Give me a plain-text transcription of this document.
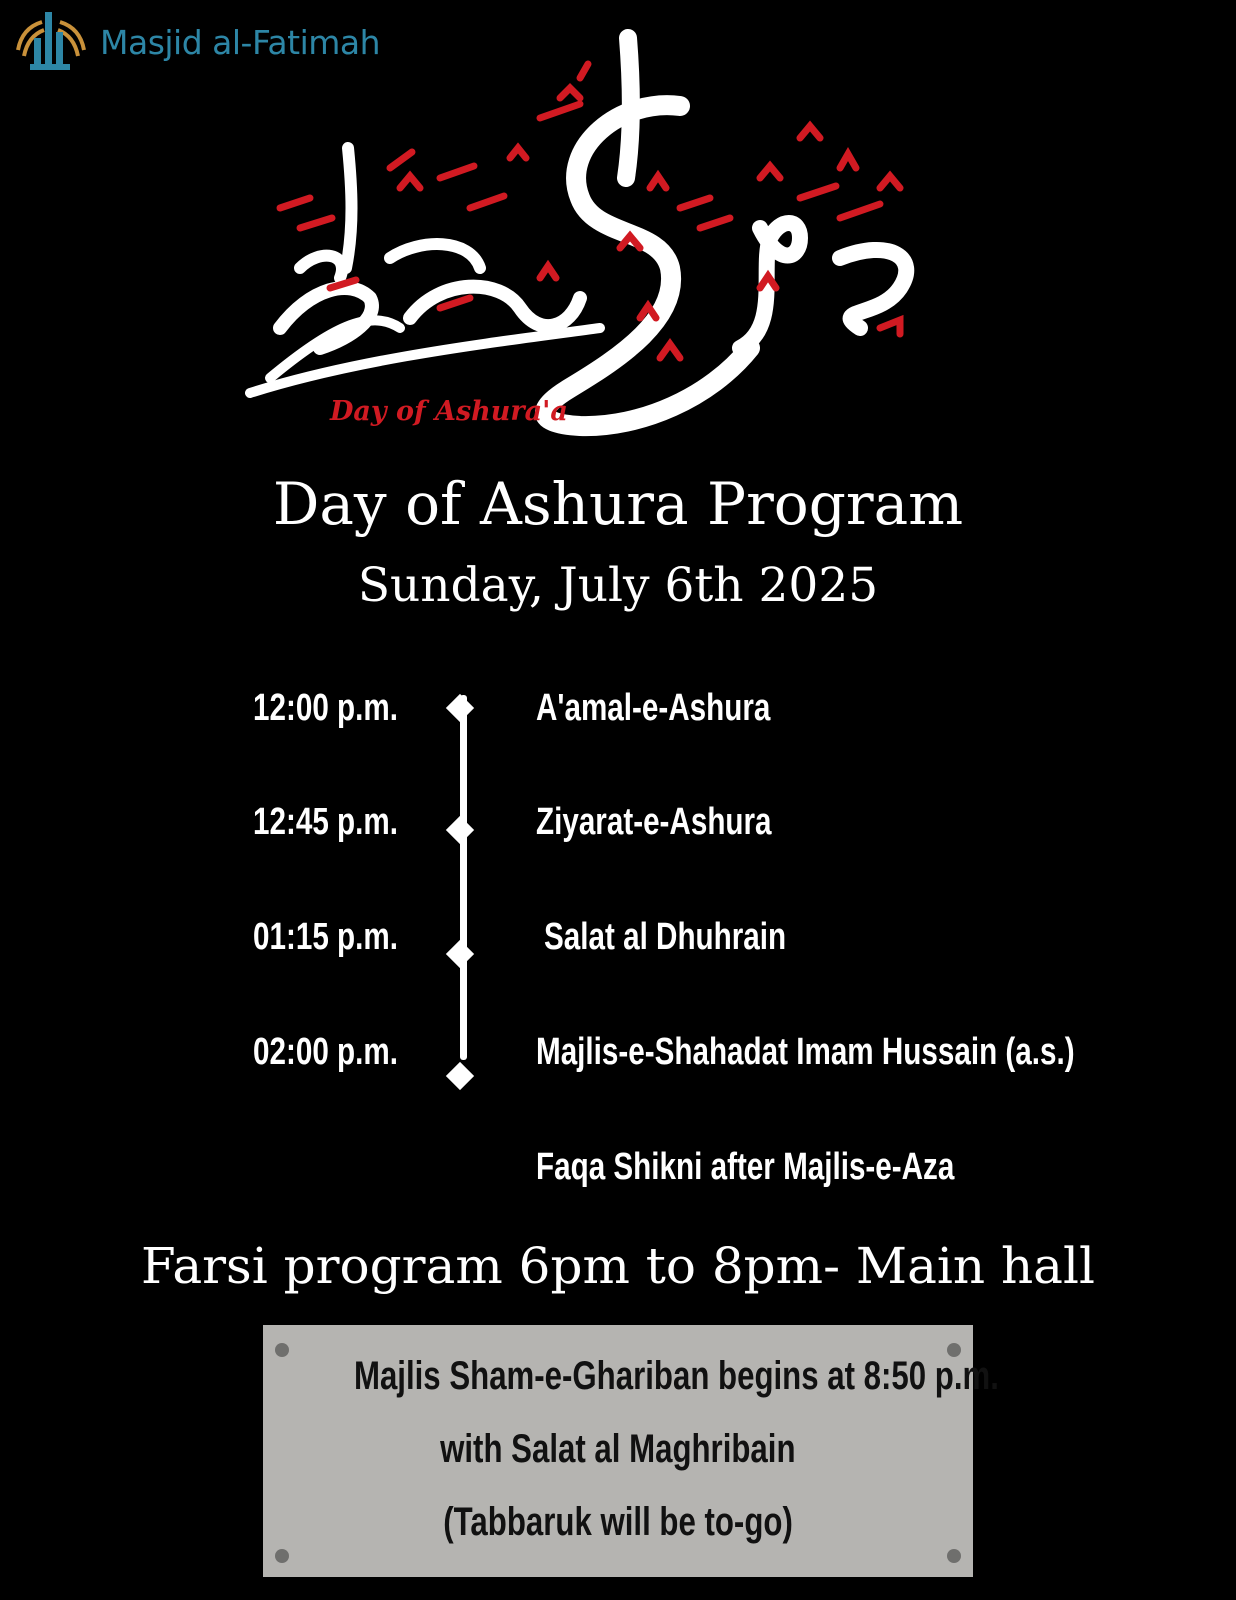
Masjid al-Fatimah
Day of Ashura'a
Day of Ashura Program
Sunday, July 6th 2025
12:00 p.m.	A'amal-e-Ashura
12:45 p.m.	Ziyarat-e-Ashura
01:15 p.m.	Salat al Dhuhrain
02:00 p.m.	Majlis-e-Shahadat Imam Hussain (a.s.)
Faqa Shikni after Majlis-e-Aza
Farsi program 6pm to 8pm- Main hall
Majlis Sham-e-Ghariban begins at 8:50 p.m.
with Salat al Maghribain
(Tabbaruk will be to-go)
